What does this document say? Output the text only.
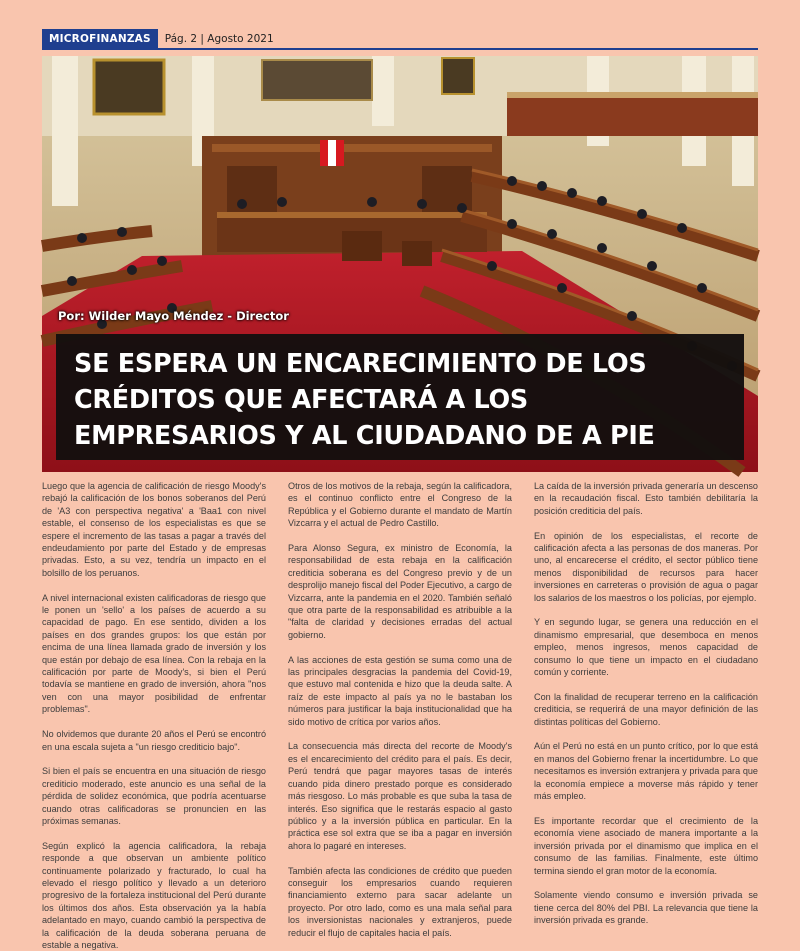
MICROFINANZAS	Pág. 2 | Agosto 2021
Por: Wilder Mayo Méndez - Director
SE ESPERA UN ENCARECIMIENTO DE LOS CRÉDITOS QUE AFECTARÁ A LOS EMPRESARIOS Y AL CIUDADANO DE A PIE

Luego que la agencia de calificación de riesgo Moody's rebajó la calificación de los bonos soberanos del Perú de 'A3 con perspectiva negativa' a 'Baa1 con nivel estable, el consenso de los especialistas es que se espere el incremento de las tasas a pagar a través del endeudamiento por parte del Estado y de empresas privadas. Esto, a su vez, tendría un impacto en el bolsillo de los peruanos.

A nivel internacional existen calificadoras de riesgo que le ponen un 'sello' a los países de acuerdo a su capacidad de pago. En ese sentido, dividen a los países en dos grandes grupos: los que están por encima de una línea llamada grado de inversión y los que están por debajo de esa línea. Con la rebaja en la calificación por parte de Moody's, si bien el Perú todavía se mantiene en grado de inversión, ahora "nos ven con una mayor posibilidad de enfrentar problemas".

No olvidemos que durante 20 años el Perú se encontró en una escala sujeta a "un riesgo crediticio bajo".

Si bien el país se encuentra en una situación de riesgo crediticio moderado, este anuncio es una señal de la pérdida de solidez económica, que podría acentuarse cuando otras calificadoras se pronuncien en las próximas semanas.

Según explicó la agencia calificadora, la rebaja responde a que observan un ambiente político continuamente polarizado y fracturado, lo cual ha elevado el riesgo político y llevado a un deterioro progresivo de la fortaleza institucional del Perú durante los últimos dos años. Esta observación ya la había adelantado en mayo, cuando cambió la perspectiva de la calificación de la deuda soberana peruana de estable a negativa.

Otros de los motivos de la rebaja, según la calificadora, es el continuo conflicto entre el Congreso de la República y el Gobierno durante el mandato de Martín Vizcarra y el actual de Pedro Castillo.

Para Alonso Segura, ex ministro de Economía, la responsabilidad de esta rebaja en la calificación crediticia soberana es del Congreso previo y de un desprolijo manejo fiscal del Poder Ejecutivo, a cargo de Vizcarra, ante la pandemia en el 2020. También señaló que otra parte de la responsabilidad es atribuible a la "falta de claridad y decisiones erradas del actual gobierno.

A las acciones de esta gestión se suma como una de las principales desgracias la pandemia del Covid-19, que estuvo mal contenida e hizo que la deuda salte. A raíz de este impacto al país ya no le bastaban los números para justificar la baja institucionalidad que ha sido motivo de crítica por varios años.

La consecuencia más directa del recorte de Moody's es el encarecimiento del crédito para el país. Es decir, Perú tendrá que pagar mayores tasas de interés cuando pida dinero prestado porque es considerado más riesgoso. Lo más probable es que suba la tasa de interés. Eso significa que le restarás espacio al gasto público y a la inversión pública en particular. En la práctica ese sol extra que se iba a pagar en inversión ahora lo pagaré en intereses.

También afecta las condiciones de crédito que pueden conseguir los empresarios cuando requieren financiamiento externo para sacar adelante un proyecto. Por otro lado, como es una mala señal para los inversionistas nacionales y extranjeros, puede reducir el flujo de capitales hacia el país.

La caída de la inversión privada generaría un descenso en la recaudación fiscal. Esto también debilitaría la posición crediticia del país.

En opinión de los especialistas, el recorte de calificación afecta a las personas de dos maneras. Por uno, al encarecerse el crédito, el sector público tiene menos disponibilidad de recursos para hacer inversiones en carreteras o provisión de agua o pagar los salarios de los maestros o los policías, por ejemplo.

Y en segundo lugar, se genera una reducción en el dinamismo empresarial, que desemboca en menos empleo, menos ingresos, menos capacidad de consumo lo que tiene un impacto en el ciudadano común y corriente.

Con la finalidad de recuperar terreno en la calificación crediticia, se requerirá de una mayor definición de las distintas políticas del Gobierno.

Aún el Perú no está en un punto crítico, por lo que está en manos del Gobierno frenar la incertidumbre. Lo que necesitamos es inversión extranjera y privada para que la economía empiece a moverse más rápido y tener más empleo.

Es importante recordar que el crecimiento de la economía viene asociado de manera importante a la inversión privada por el dinamismo que implica en el consumo de las familias. Finalmente, este último termina siendo el gran motor de la economía.

Solamente viendo consumo e inversión privada se tiene cerca del 80% del PBI. La relevancia que tiene la inversión privada es grande.
